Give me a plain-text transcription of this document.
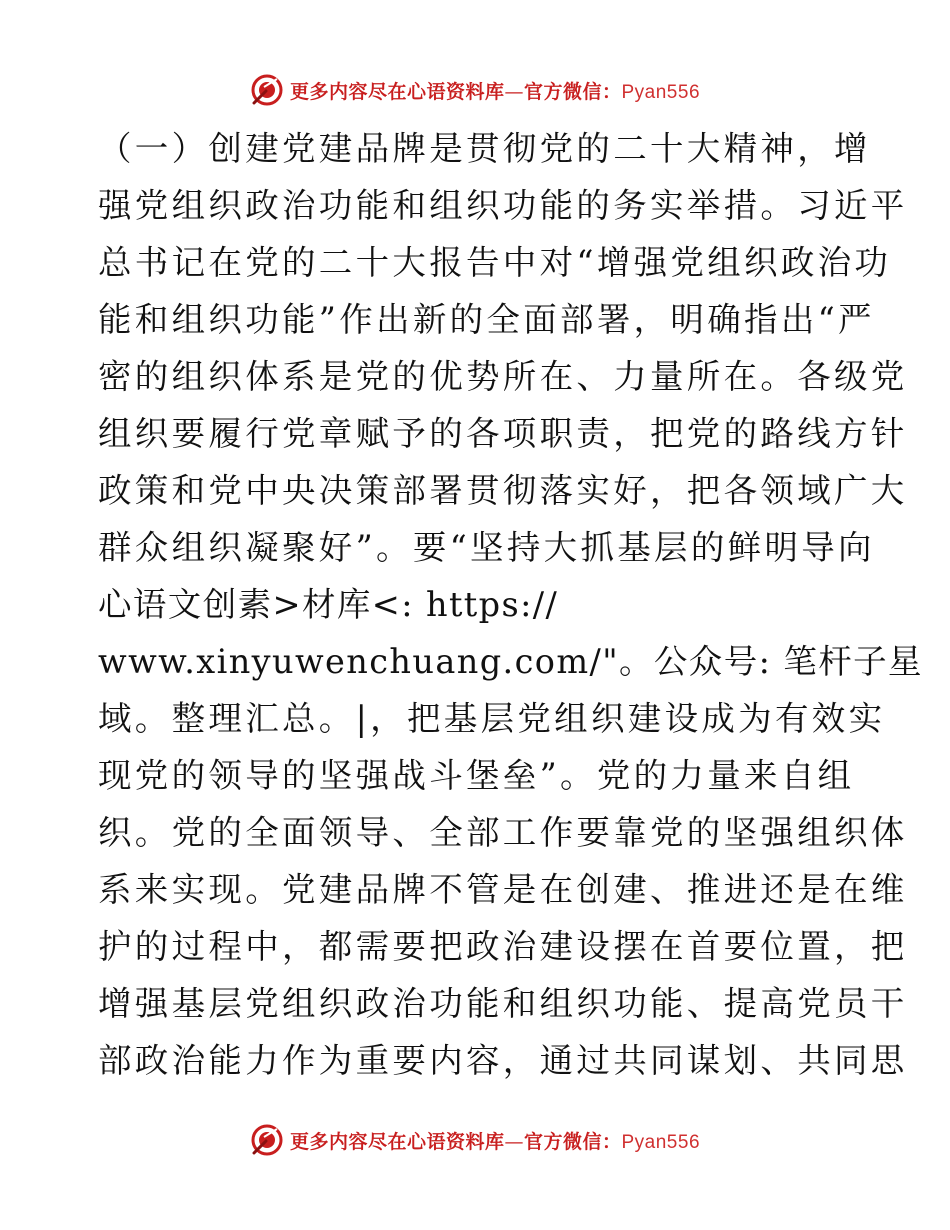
更多内容尽在心语资料库—官方微信：Pyan556
（一）创建党建品牌是贯彻党的二十大精神，增
强党组织政治功能和组织功能的务实举措。习近平
总书记在党的二十大报告中对“增强党组织政治功
能和组织功能”作出新的全面部署，明确指出“严
密的组织体系是党的优势所在、力量所在。各级党
组织要履行党章赋予的各项职责，把党的路线方针
政策和党中央决策部署贯彻落实好，把各领域广大
群众组织凝聚好”。要“坚持大抓基层的鲜明导向
心语文创素>材库<: https://
www.xinyuwenchuang.com/"。公众号: 笔杆子星
域。整理汇总。|，把基层党组织建设成为有效实
现党的领导的坚强战斗堡垒”。党的力量来自组
织。党的全面领导、全部工作要靠党的坚强组织体
系来实现。党建品牌不管是在创建、推进还是在维
护的过程中，都需要把政治建设摆在首要位置，把
增强基层党组织政治功能和组织功能、提高党员干
部政治能力作为重要内容，通过共同谋划、共同思
更多内容尽在心语资料库—官方微信：Pyan556
